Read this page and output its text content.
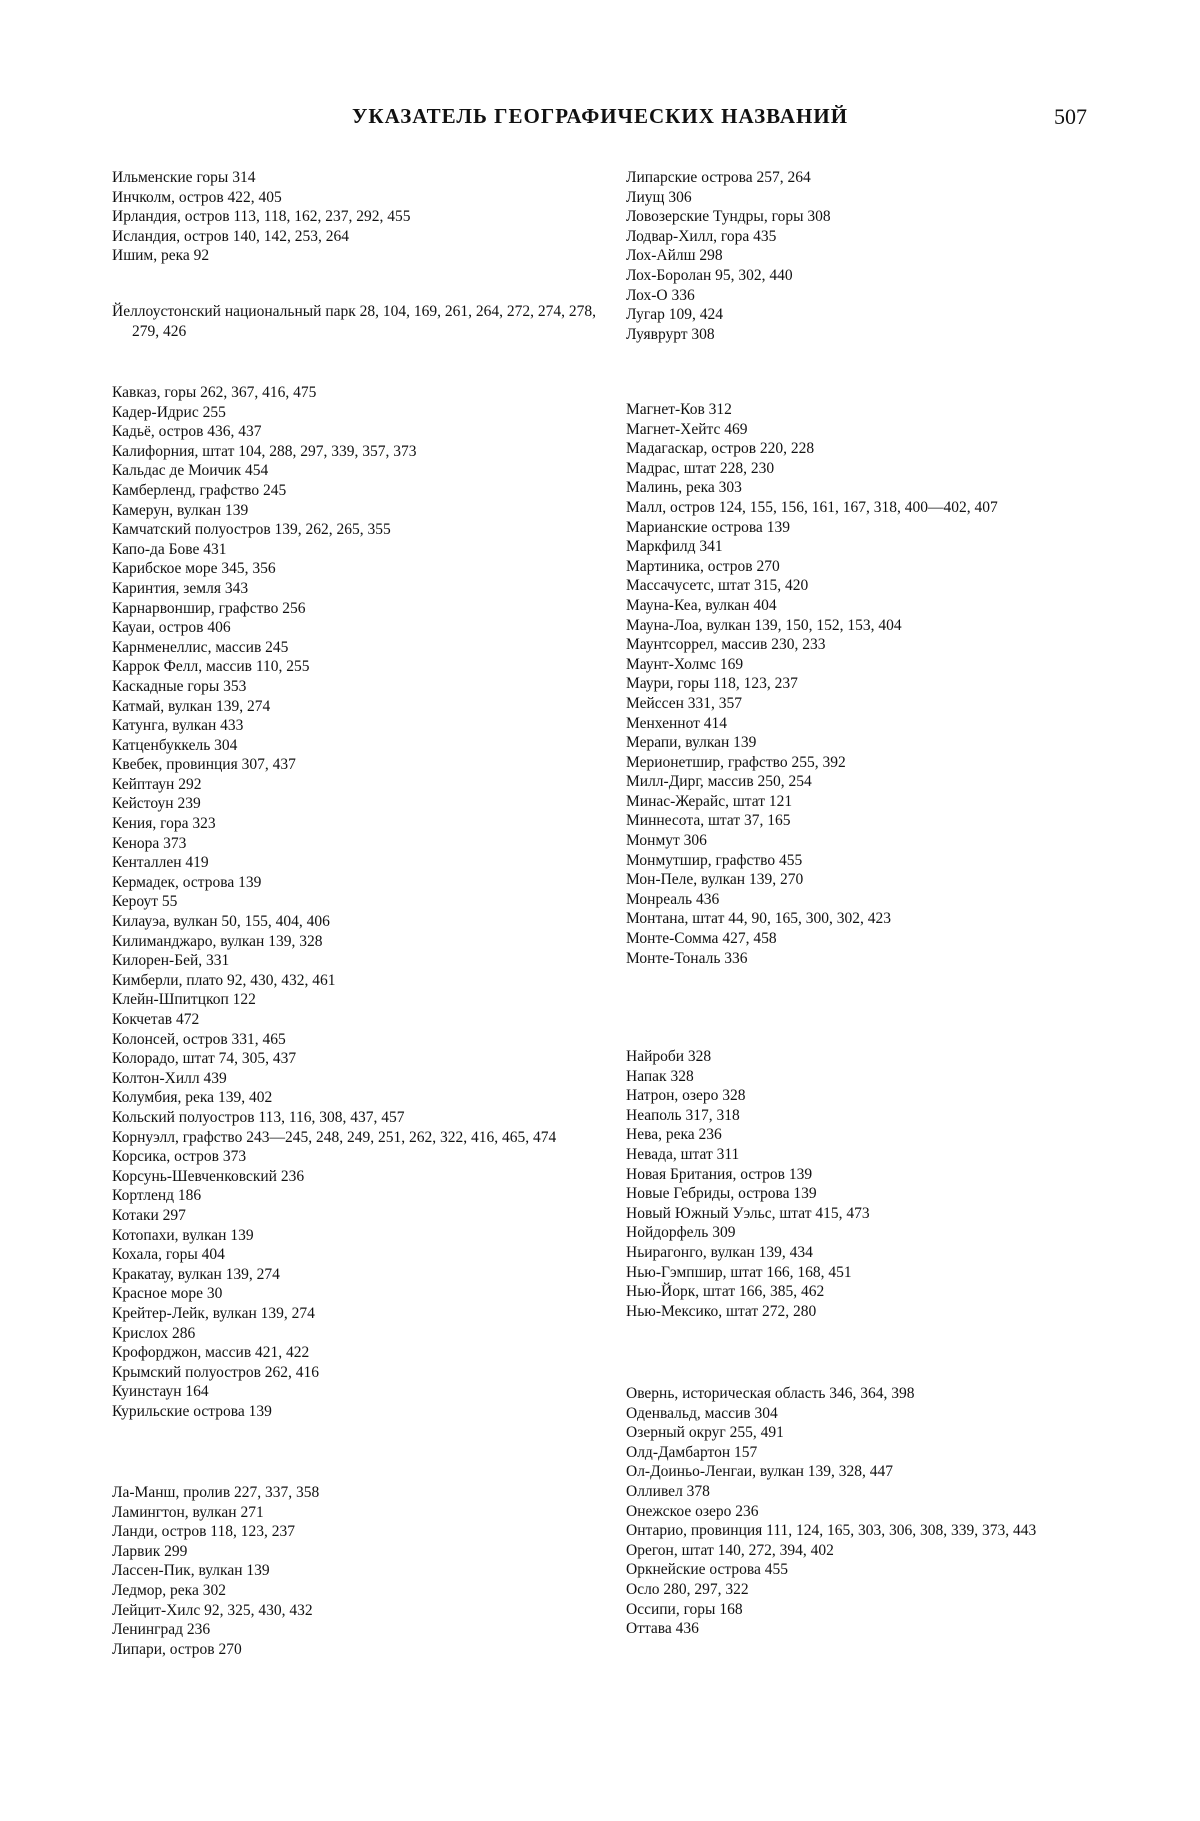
УКАЗАТЕЛЬ ГЕОГРАФИЧЕСКИХ НАЗВАНИЙ	507

Ильменские горы 314

Инчколм, остров 422, 405

Ирландия, остров 113, 118, 162, 237, 292, 455

Исландия, остров 140, 142, 253, 264

Ишим, река 92

Йеллоустонский национальный парк 28, 104, 169, 261, 264, 272, 274, 278, 279, 426

Кавказ, горы 262, 367, 416, 475

Кадер-Идрис 255

Кадьё, остров 436, 437

Калифорния, штат 104, 288, 297, 339, 357, 373

Кальдас де Моичик 454

Камберленд, графство 245

Камерун, вулкан 139

Камчатский полуостров 139, 262, 265, 355

Капо-да Бове 431

Карибское море 345, 356

Каринтия, земля 343

Карнарвоншир, графство 256

Кауаи, остров 406

Карнменеллис, массив 245

Каррок Фелл, массив 110, 255

Каскадные горы 353

Катмай, вулкан 139, 274

Катунга, вулкан 433

Катценбуккель 304

Квебек, провинция 307, 437

Кейптаун 292

Кейстоун 239

Кения, гора 323

Кенора 373

Кенталлен 419

Кермадек, острова 139

Кероут 55

Килауэа, вулкан 50, 155, 404, 406

Килиманджаро, вулкан 139, 328

Килорен-Бей, 331

Кимберли, плато 92, 430, 432, 461

Клейн-Шпитцкоп 122

Кокчетав 472

Колонсей, остров 331, 465

Колорадо, штат 74, 305, 437

Колтон-Хилл 439

Колумбия, река 139, 402

Кольский полуостров 113, 116, 308, 437, 457

Корнуэлл, графство 243—245, 248, 249, 251, 262, 322, 416, 465, 474

Корсика, остров 373

Корсунь-Шевченковский 236

Кортленд 186

Котаки 297

Котопахи, вулкан 139

Кохала, горы 404

Кракатау, вулкан 139, 274

Красное море 30

Крейтер-Лейк, вулкан 139, 274

Крислох 286

Крофорджон, массив 421, 422

Крымский полуостров 262, 416

Куинстаун 164

Курильские острова 139

Ла-Манш, пролив 227, 337, 358

Ламингтон, вулкан 271

Ланди, остров 118, 123, 237

Ларвик 299

Лассен-Пик, вулкан 139

Ледмор, река 302

Лейцит-Хилс 92, 325, 430, 432

Ленинград 236

Липари, остров 270

Липарские острова 257, 264

Лиущ 306

Ловозерские Тундры, горы 308

Лодвар-Хилл, гора 435

Лох-Айлш 298

Лох-Боролан 95, 302, 440

Лох-О 336

Лугар 109, 424

Луяврурт 308

Магнет-Ков 312

Магнет-Хейтс 469

Мадагаскар, остров 220, 228

Мадрас, штат 228, 230

Малинь, река 303

Малл, остров 124, 155, 156, 161, 167, 318, 400—402, 407

Марианские острова 139

Маркфилд 341

Мартиника, остров 270

Массачусетс, штат 315, 420

Мауна-Кеа, вулкан 404

Мауна-Лоа, вулкан 139, 150, 152, 153, 404

Маунтсоррел, массив 230, 233

Маунт-Холмс 169

Маури, горы 118, 123, 237

Мейссен 331, 357

Менхеннот 414

Мерапи, вулкан 139

Мерионетшир, графство 255, 392

Милл-Дирг, массив 250, 254

Минас-Жерайс, штат 121

Миннесота, штат 37, 165

Монмут 306

Монмутшир, графство 455

Мон-Пеле, вулкан 139, 270

Монреаль 436

Монтана, штат 44, 90, 165, 300, 302, 423

Монте-Сомма 427, 458

Монте-Тональ 336

Найроби 328

Напак 328

Натрон, озеро 328

Неаполь 317, 318

Нева, река 236

Невада, штат 311

Новая Британия, остров 139

Новые Гебриды, острова 139

Новый Южный Уэльс, штат 415, 473

Нойдорфель 309

Ньирагонго, вулкан 139, 434

Нью-Гэмпшир, штат 166, 168, 451

Нью-Йорк, штат 166, 385, 462

Нью-Мексико, штат 272, 280

Овернь, историческая область 346, 364, 398

Оденвальд, массив 304

Озерный округ 255, 491

Олд-Дамбартон 157

Ол-Доиньо-Ленгаи, вулкан 139, 328, 447

Олливел 378

Онежское озеро 236

Онтарио, провинция 111, 124, 165, 303, 306, 308, 339, 373, 443

Орегон, штат 140, 272, 394, 402

Оркнейские острова 455

Осло 280, 297, 322

Оссипи, горы 168

Оттава 436
